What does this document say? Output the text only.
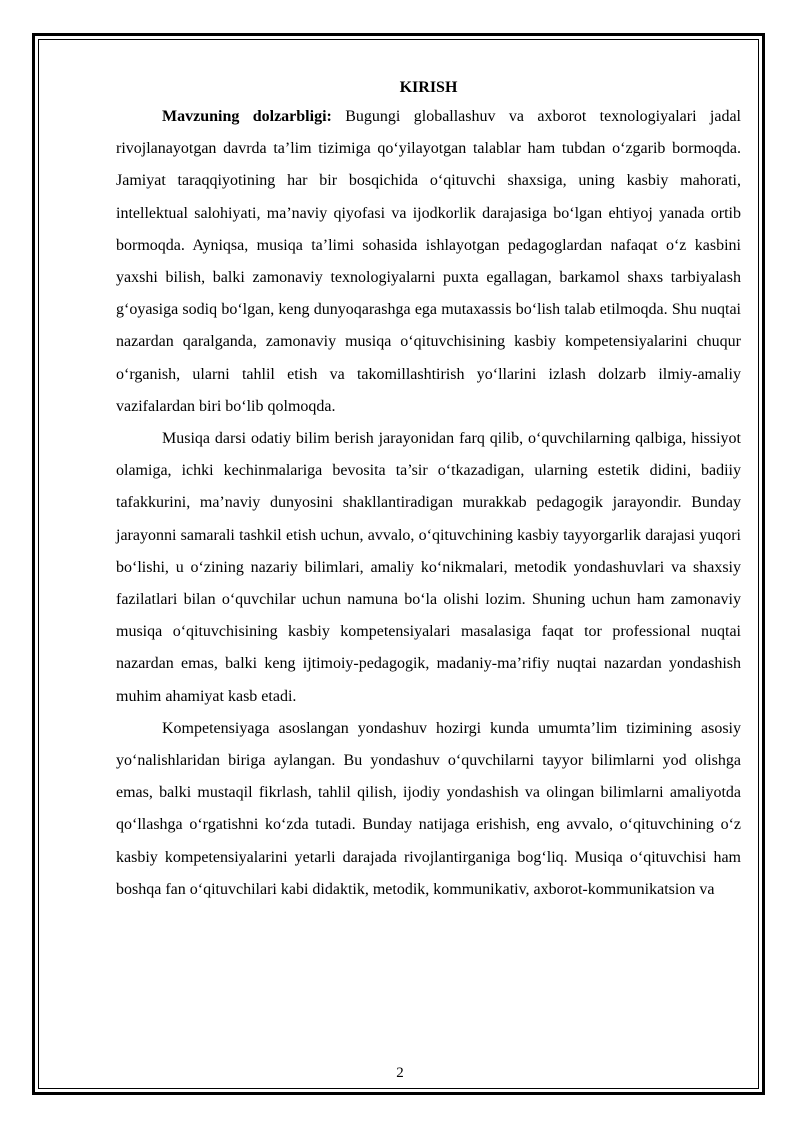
KIRISH

Mavzuning dolzarbligi: Bugungi globallashuv va axborot texnologiyalari jadal rivojlanayotgan davrda ta’lim tizimiga qo‘yilayotgan talablar ham tubdan o‘zgarib bormoqda. Jamiyat taraqqiyotining har bir bosqichida o‘qituvchi shaxsiga, uning kasbiy mahorati, intellektual salohiyati, ma’naviy qiyofasi va ijodkorlik darajasiga bo‘lgan ehtiyoj yanada ortib bormoqda. Ayniqsa, musiqa ta’limi sohasida ishlayotgan pedagoglardan nafaqat o‘z kasbini yaxshi bilish, balki zamonaviy texnologiyalarni puxta egallagan, barkamol shaxs tarbiyalash g‘oyasiga sodiq bo‘lgan, keng dunyoqarashga ega mutaxassis bo‘lish talab etilmoqda. Shu nuqtai nazardan qaralganda, zamonaviy musiqa o‘qituvchisining kasbiy kompetensiyalarini chuqur o‘rganish, ularni tahlil etish va takomillashtirish yo‘llarini izlash dolzarb ilmiy-amaliy vazifalardan biri bo‘lib qolmoqda.

Musiqa darsi odatiy bilim berish jarayonidan farq qilib, o‘quvchilarning qalbiga, hissiyot olamiga, ichki kechinmalariga bevosita ta’sir o‘tkazadigan, ularning estetik didini, badiiy tafakkurini, ma’naviy dunyosini shakllantiradigan murakkab pedagogik jarayondir. Bunday jarayonni samarali tashkil etish uchun, avvalo, o‘qituvchining kasbiy tayyorgarlik darajasi yuqori bo‘lishi, u o‘zining nazariy bilimlari, amaliy ko‘nikmalari, metodik yondashuvlari va shaxsiy fazilatlari bilan o‘quvchilar uchun namuna bo‘la olishi lozim. Shuning uchun ham zamonaviy musiqa o‘qituvchisining kasbiy kompetensiyalari masalasiga faqat tor professional nuqtai nazardan emas, balki keng ijtimoiy-pedagogik, madaniy-ma’rifiy nuqtai nazardan yondashish muhim ahamiyat kasb etadi.

Kompetensiyaga asoslangan yondashuv hozirgi kunda umumta’lim tizimining asosiy yo‘nalishlaridan biriga aylangan. Bu yondashuv o‘quvchilarni tayyor bilimlarni yod olishga emas, balki mustaqil fikrlash, tahlil qilish, ijodiy yondashish va olingan bilimlarni amaliyotda qo‘llashga o‘rgatishni ko‘zda tutadi. Bunday natijaga erishish, eng avvalo, o‘qituvchining o‘z kasbiy kompetensiyalarini yetarli darajada rivojlantirganiga bog‘liq. Musiqa o‘qituvchisi ham boshqa fan o‘qituvchilari kabi didaktik, metodik, kommunikativ, axborot-kommunikatsion va

2
